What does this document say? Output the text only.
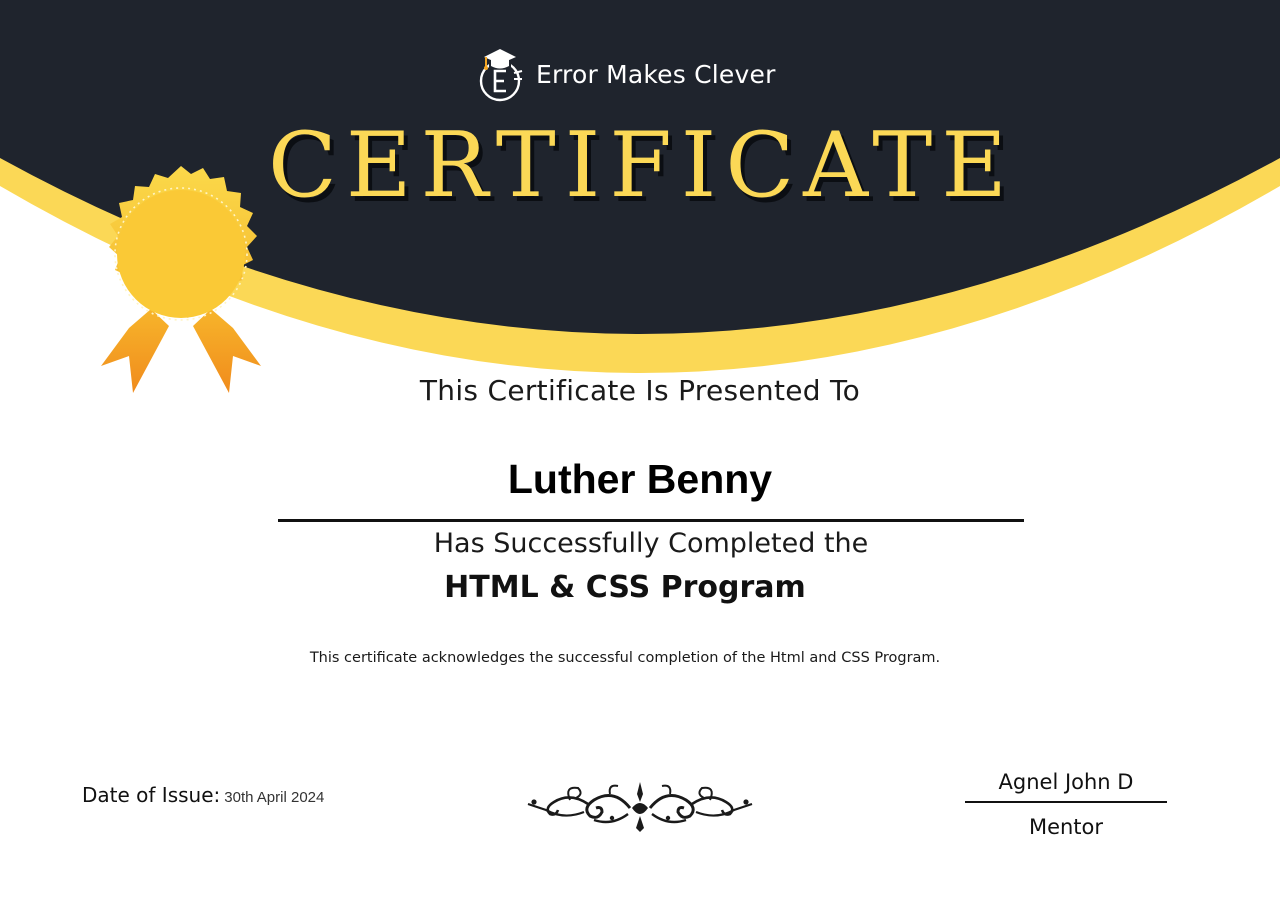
Error Makes Clever
CERTIFICATE
This Certificate Is Presented To
Luther Benny
Has Successfully Completed the
HTML & CSS Program
This certificate acknowledges the successful completion of the Html and CSS Program.
Date of Issue: 30th April 2024
Agnel John D
Mentor
